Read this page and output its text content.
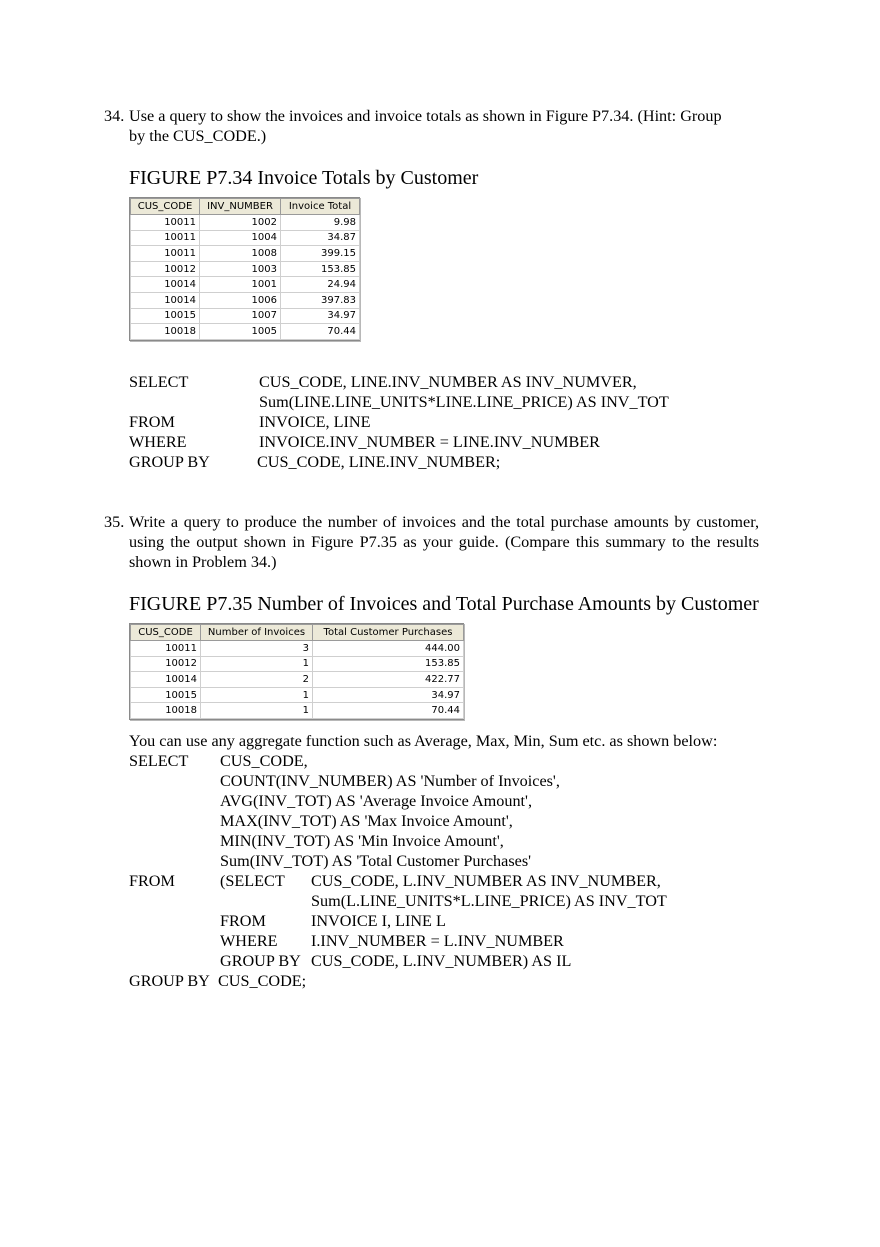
34. Use a query to show the invoices and invoice totals as shown in Figure P7.34. (Hint: Group
by the CUS_CODE.)
FIGURE P7.34 Invoice Totals by Customer
CUS_CODE	INV_NUMBER	Invoice Total
10011	1002	9.98
10011	1004	34.87
10011	1008	399.15
10012	1003	153.85
10014	1001	24.94
10014	1006	397.83
10015	1007	34.97
10018	1005	70.44
SELECT	CUS_CODE, LINE.INV_NUMBER AS INV_NUMVER,
Sum(LINE.LINE_UNITS*LINE.LINE_PRICE) AS INV_TOT
FROM	INVOICE, LINE
WHERE	INVOICE.INV_NUMBER = LINE.INV_NUMBER
GROUP BY	CUS_CODE, LINE.INV_NUMBER;
35. Write a query to produce the number of invoices and the total purchase amounts by customer, using the output shown in Figure P7.35 as your guide. (Compare this summary to the results shown in Problem 34.)
FIGURE P7.35 Number of Invoices and Total Purchase Amounts by Customer
CUS_CODE	Number of Invoices	Total Customer Purchases
10011	3	444.00
10012	1	153.85
10014	2	422.77
10015	1	34.97
10018	1	70.44
You can use any aggregate function such as Average, Max, Min, Sum etc. as shown below:
SELECT CUS_CODE,
COUNT(INV_NUMBER) AS 'Number of Invoices',
AVG(INV_TOT) AS 'Average Invoice Amount',
MAX(INV_TOT) AS 'Max Invoice Amount',
MIN(INV_TOT) AS 'Min Invoice Amount',
Sum(INV_TOT) AS 'Total Customer Purchases'
FROM	(SELECT CUS_CODE, L.INV_NUMBER AS INV_NUMBER,
Sum(L.LINE_UNITS*L.LINE_PRICE) AS INV_TOT
FROM	INVOICE I, LINE L
WHERE I.INV_NUMBER = L.INV_NUMBER
GROUP BY CUS_CODE, L.INV_NUMBER) AS IL
GROUP BY CUS_CODE;
